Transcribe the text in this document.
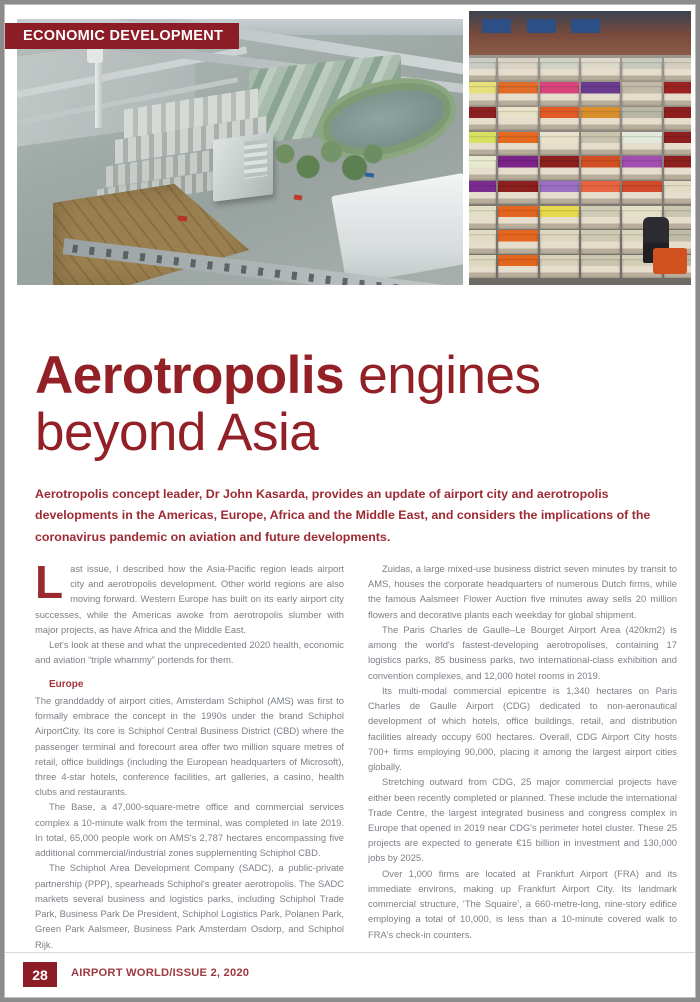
ECONOMIC DEVELOPMENT
Aerotropolis engines
beyond Asia
Aerotropolis concept leader, Dr John Kasarda, provides an update of airport city and aerotropolis developments in the Americas, Europe, Africa and the Middle East, and considers the implications of the coronavirus pandemic on aviation and future developments.

Last issue, I described how the Asia-Pacific region leads airport city and aerotropolis development. Other world regions are also moving forward. Western Europe has built on its early airport city successes, while the Americas awoke from aerotropolis slumber with major projects, as have Africa and the Middle East.

Let's look at these and what the unprecedented 2020 health, economic and aviation “triple whammy” portends for them.

Europe

The granddaddy of airport cities, Amsterdam Schiphol (AMS) was first to formally embrace the concept in the 1990s under the brand Schiphol AirportCity. Its core is Schiphol Central Business District (CBD) where the passenger terminal and forecourt area offer two million square metres of retail, office buildings (including the European headquarters of Microsoft), three 4-star hotels, conference facilities, art galleries, a casino, health clubs and restaurants.

The Base, a 47,000-square-metre office and commercial services complex a 10-minute walk from the terminal, was completed in late 2019. In total, 65,000 people work on AMS's 2,787 hectares encompassing five additional commercial/industrial zones supplementing Schiphol CBD.

The Schiphol Area Development Company (SADC), a public-private partnership (PPP), spearheads Schiphol's greater aerotropolis. The SADC markets several business and logistics parks, including Schiphol Trade Park, Business Park De President, Schiphol Logistics Park, Polanen Park, Green Park Aalsmeer, Business Park Amsterdam Osdorp, and Schiphol Rijk.

Zuidas, a large mixed-use business district seven minutes by transit to AMS, houses the corporate headquarters of numerous Dutch firms, while the famous Aalsmeer Flower Auction five minutes away sells 20 million flowers and decorative plants each weekday for global shipment.

The Paris Charles de Gaulle–Le Bourget Airport Area (420km2) is among the world's fastest-developing aerotropolises, containing 17 logistics parks, 85 business parks, two international-class exhibition and convention complexes, and 12,000 hotel rooms in 2019.

Its multi-modal commercial epicentre is 1,340 hectares on Paris Charles de Gaulle Airport (CDG) dedicated to non-aeronautical development of which hotels, office buildings, retail, and distribution facilities already occupy 600 hectares. Overall, CDG Airport City hosts 700+ firms employing 90,000, placing it among the largest airport cities globally.

Stretching outward from CDG, 25 major commercial projects have either been recently completed or planned. These include the international Trade Centre, the largest integrated business and congress complex in Europe that opened in 2019 near CDG's perimeter hotel cluster. These 25 projects are expected to generate €15 billion in investment and 130,000 jobs by 2025.

Over 1,000 firms are located at Frankfurt Airport (FRA) and its immediate environs, making up Frankfurt Airport City. Its landmark commercial structure, ‘The Squaire’, a 660-metre-long, nine-story edifice employing a total of 10,000, is less than a 10-minute covered walk to FRA's check-in counters.

28	AIRPORT WORLD/ISSUE 2, 2020
